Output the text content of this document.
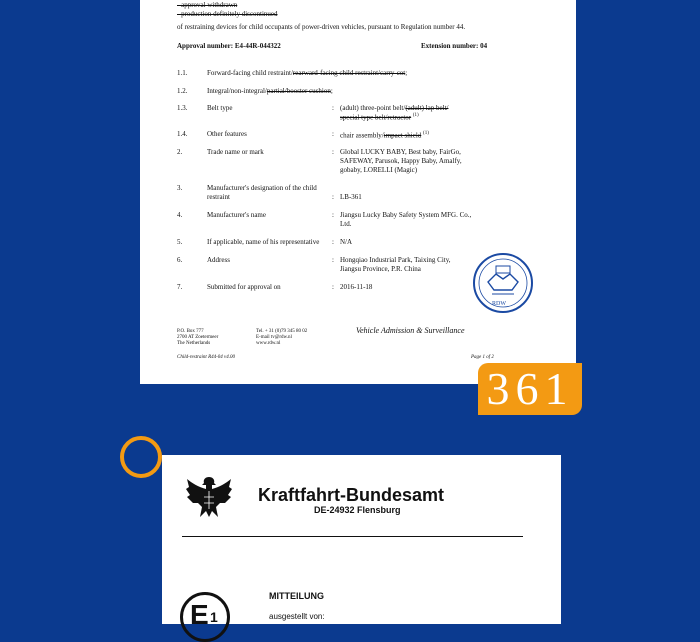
- approval withdrawn
- production definitely discontinued
of restraining devices for child occupants of power-driven vehicles, pursuant to Regulation number 44.
Approval number: E4-44R-044322	Extension number: 04
1.1.	Forward-facing child restraint/rearward-facing child restraint/carry-cot;
1.2.	Integral/non-integral/partial/booster cushion;
1.3.	Belt type	: (adult) three-point belt/(adult) lap belt/
special type belt/retractor $^{(1)}$
1.4.	Other features	: chair assembly/impact shield $^{(1)}$
2.	Trade name or mark	: Global LUCKY BABY, Best baby, FairGo,
SAFEWAY, Parusok, Happy Baby, Amalfy,
gobaby, LORELLI (Magic)
3.	Manufacturer's designation of the child
restraint	: LB-361
4.	Manufacturer's name	: Jiangsu Lucky Baby Safety System MFG. Co.,
Ltd.
5.	If applicable, name of his representative : N/A
6.	Address	: Hongqiao Industrial Park, Taixing City,
Jiangsu Province, P.R. China
7.	Submitted for approval on	: 2016-11-18
RDW
P.O. Box 777
2700 AT Zoetermeer
The Netherlands
Tel. + 31 (0)79 345 80 02
E-mail tv@rdw.nl
www.rdw.nl
Vehicle Admission & Surveillance
Child-restraint R44-04 v4.00	Page 1 of 2
361
Kraftfahrt-Bundesamt
DE-24932 Flensburg
E 1
MITTEILUNG
ausgestellt von:
